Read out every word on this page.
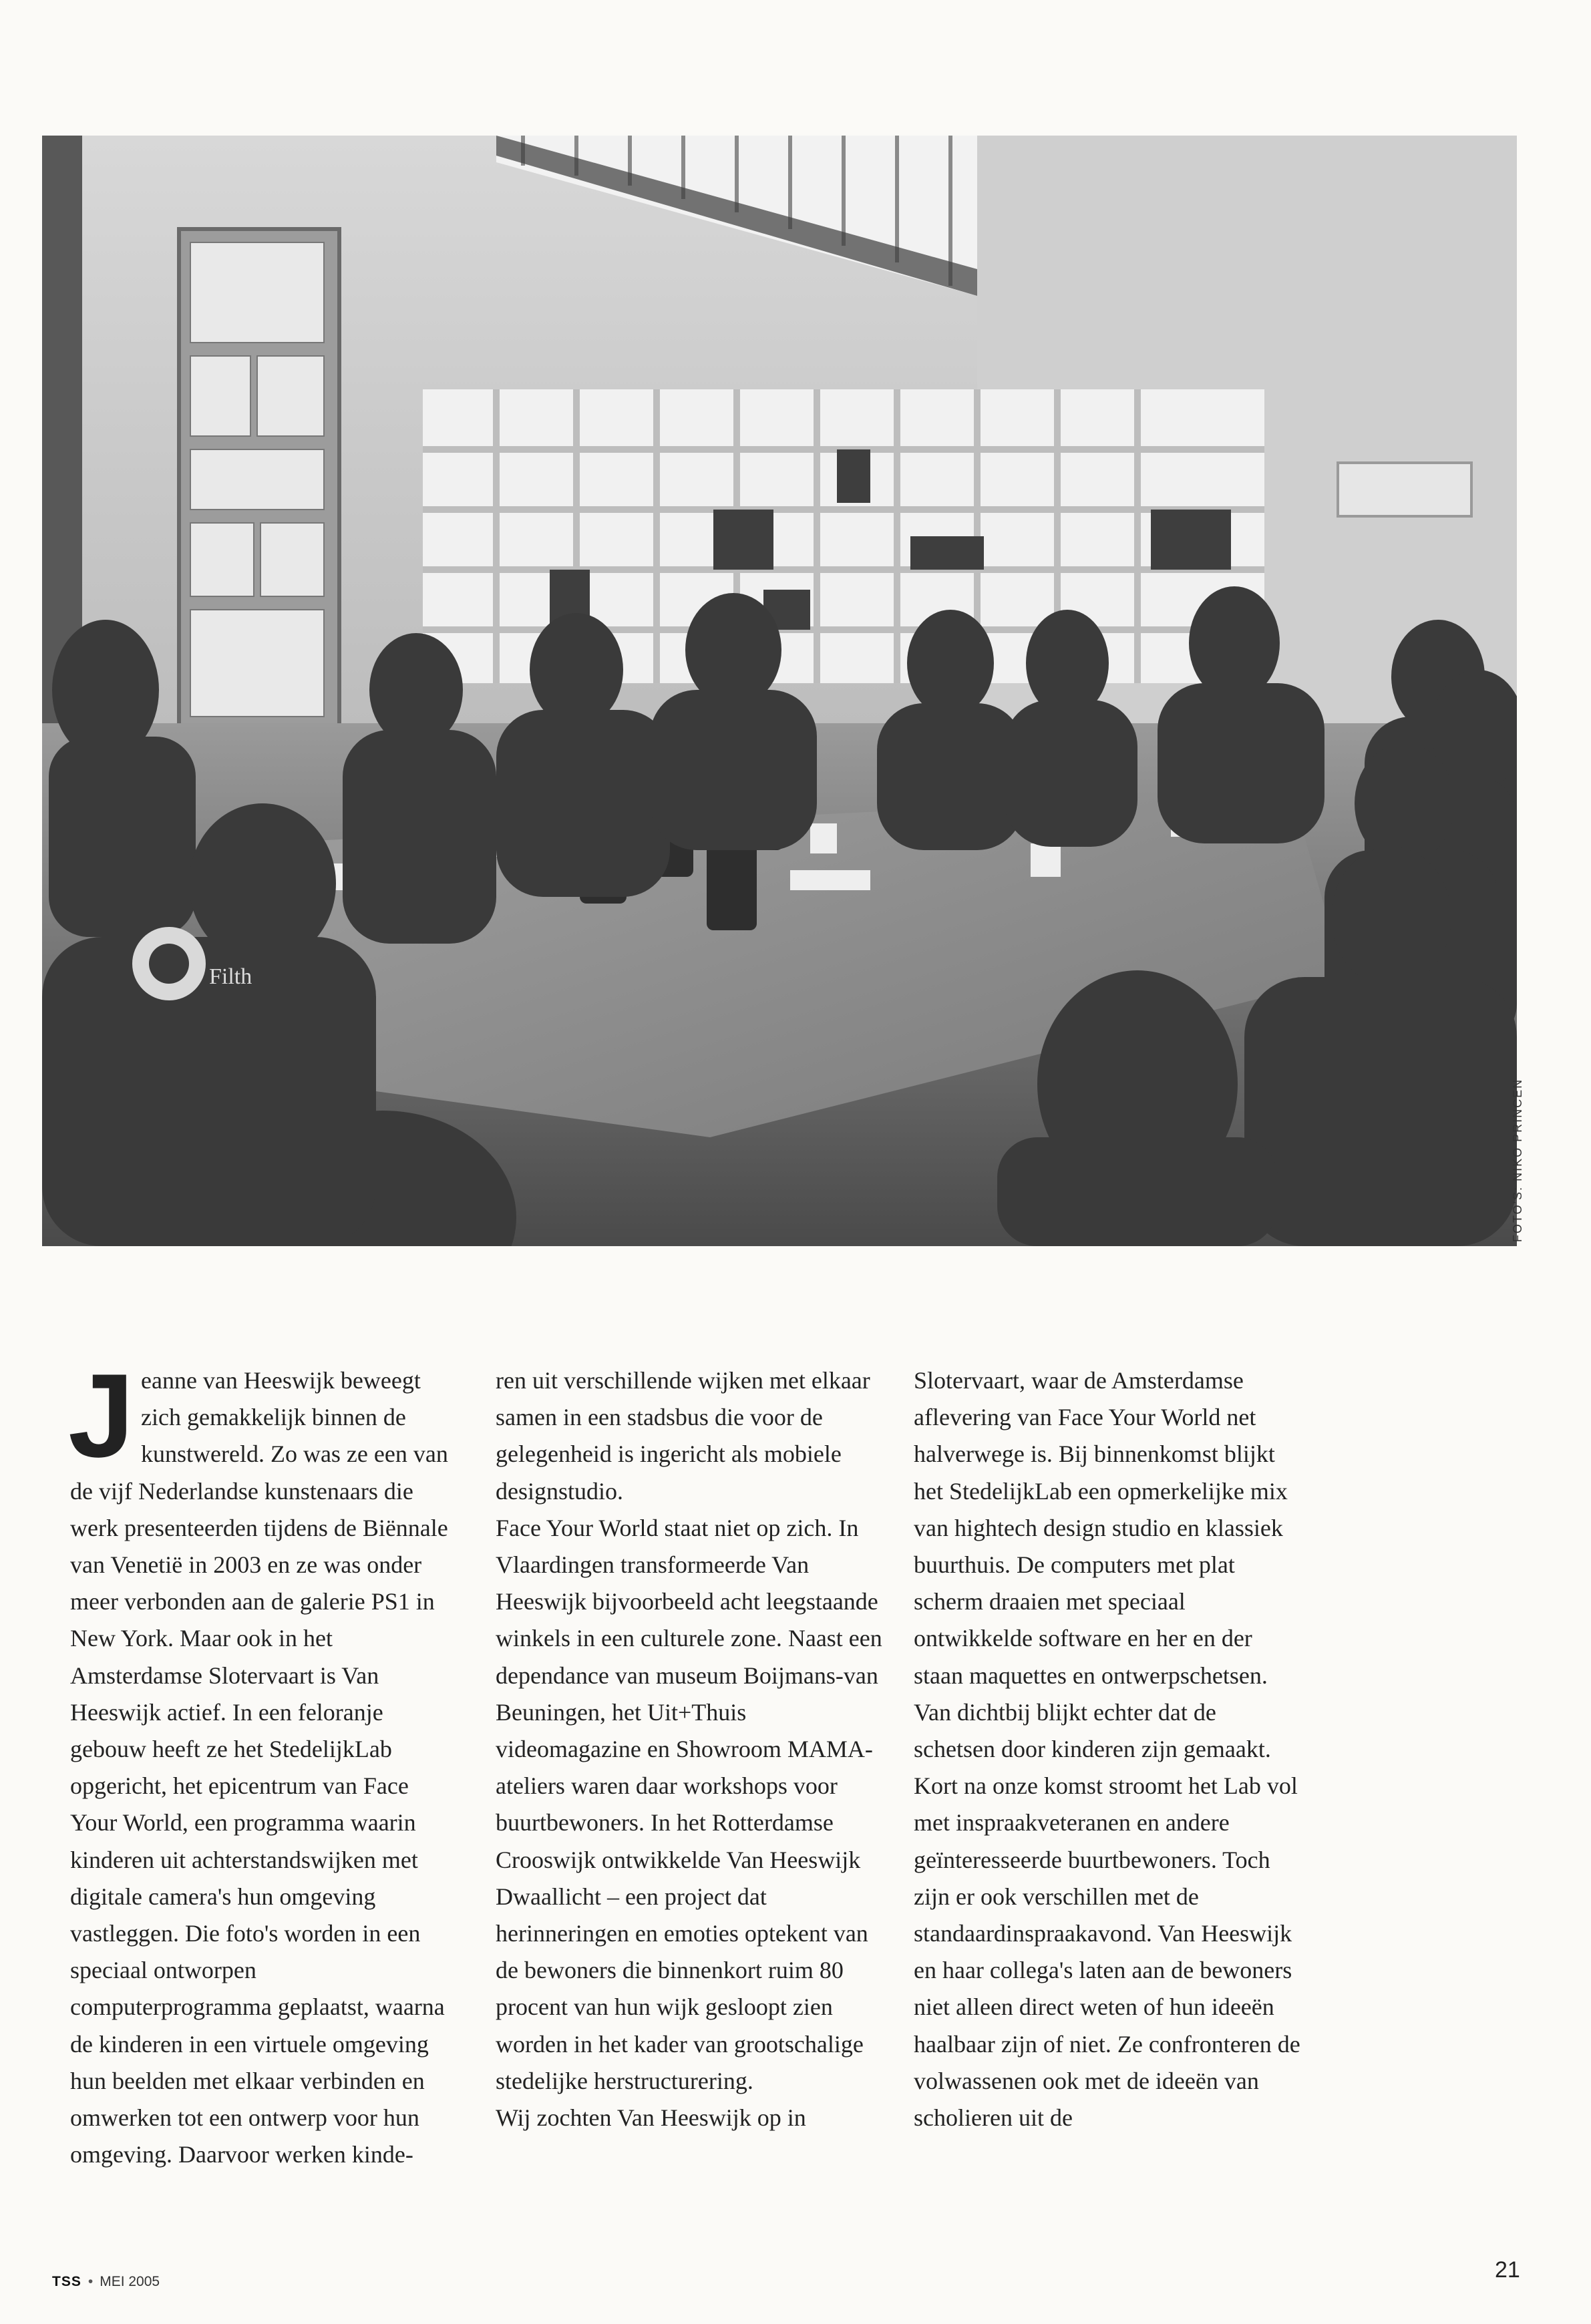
Filth
FOTO'S: NIKO PRINCEN
J eanne van Heeswijk beweegt zich gemakkelijk binnen de kunstwereld. Zo was ze een van de vijf Nederlandse kunstenaars die werk presenteerden tijdens de Biënnale van Venetië in 2003 en ze was onder meer verbonden aan de galerie PS1 in New York. Maar ook in het Amsterdamse Slotervaart is Van Heeswijk actief. In een feloranje gebouw heeft ze het StedelijkLab opgericht, het epicentrum van Face Your World, een programma waarin kinderen uit achterstandswijken met digitale camera's hun omgeving vastleggen. Die foto's worden in een speciaal ontworpen computerprogramma geplaatst, waarna de kinderen in een virtuele omgeving hun beelden met elkaar verbinden en omwerken tot een ontwerp voor hun omgeving. Daarvoor werken kinde-

ren uit verschillende wijken met elkaar samen in een stadsbus die voor de gelegenheid is ingericht als mobiele designstudio.

Face Your World staat niet op zich. In Vlaardingen transformeerde Van Heeswijk bijvoorbeeld acht leegstaande winkels in een culturele zone. Naast een dependance van museum Boijmans-van Beuningen, het Uit+Thuis videomagazine en Showroom MAMA-ateliers waren daar workshops voor buurtbewoners. In het Rotterdamse Crooswijk ontwikkelde Van Heeswijk Dwaallicht – een project dat herinneringen en emoties optekent van de bewoners die binnenkort ruim 80 procent van hun wijk gesloopt zien worden in het kader van grootschalige stedelijke herstructurering.

Wij zochten Van Heeswijk op in

Slotervaart, waar de Amsterdamse aflevering van Face Your World net halverwege is. Bij binnenkomst blijkt het StedelijkLab een opmerkelijke mix van hightech design studio en klassiek buurthuis. De computers met plat scherm draaien met speciaal ontwikkelde software en her en der staan maquettes en ontwerpschetsen. Van dichtbij blijkt echter dat de schetsen door kinderen zijn gemaakt. Kort na onze komst stroomt het Lab vol met inspraakveteranen en andere geïnteresseerde buurtbewoners. Toch zijn er ook verschillen met de standaardinspraakavond. Van Heeswijk en haar collega's laten aan de bewoners niet alleen direct weten of hun ideeën haalbaar zijn of niet. Ze confronteren de volwassenen ook met de ideeën van scholieren uit de

TSS • MEI 2005	21
